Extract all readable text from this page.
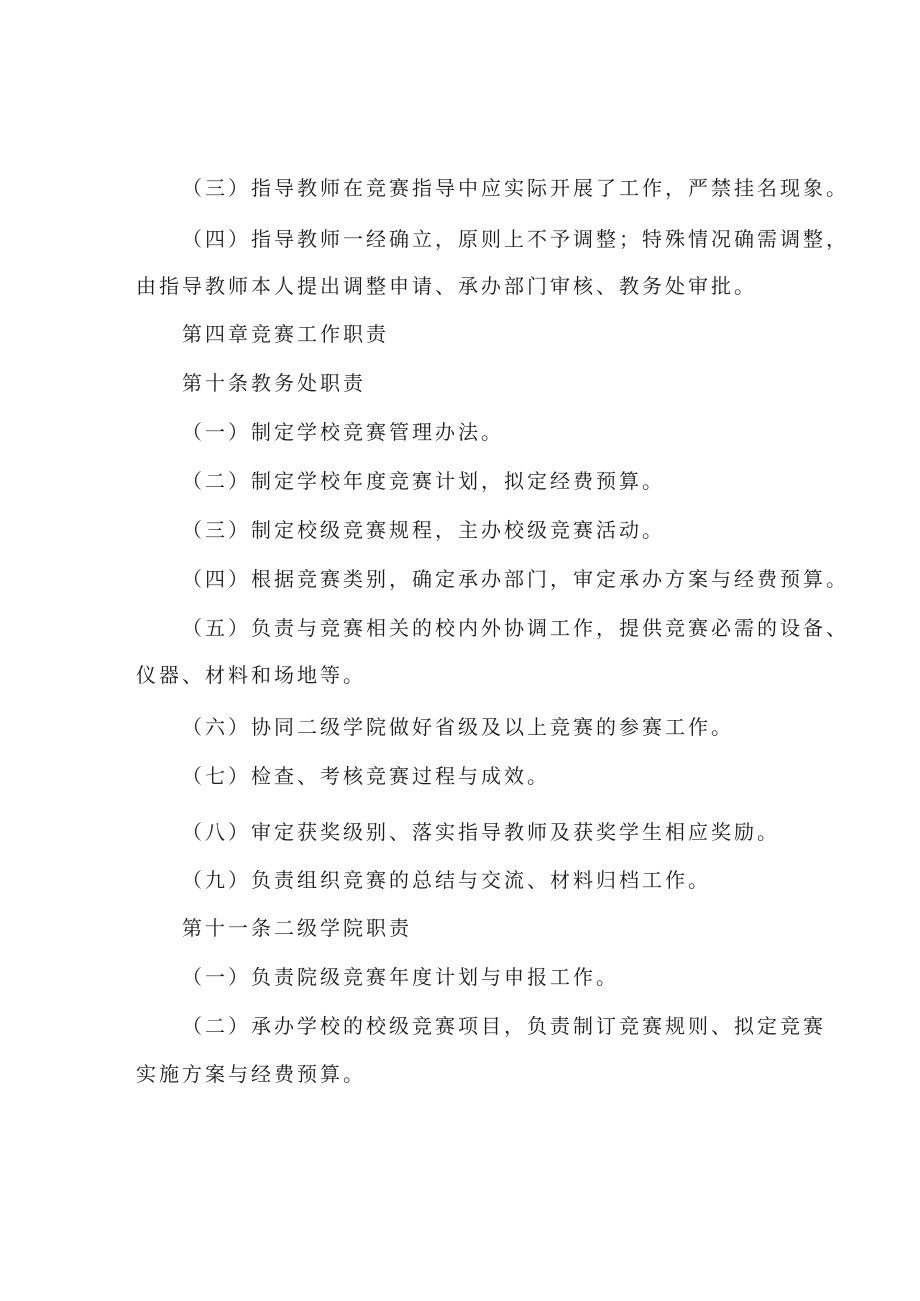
（三）指导教师在竞赛指导中应实际开展了工作，严禁挂名现象。
（四）指导教师一经确立，原则上不予调整；特殊情况确需调整，
由指导教师本人提出调整申请、承办部门审核、教务处审批。
第四章竞赛工作职责
第十条教务处职责
（一）制定学校竞赛管理办法。
（二）制定学校年度竞赛计划，拟定经费预算。
（三）制定校级竞赛规程，主办校级竞赛活动。
（四）根据竞赛类别，确定承办部门，审定承办方案与经费预算。
（五）负责与竞赛相关的校内外协调工作，提供竞赛必需的设备、
仪器、材料和场地等。
（六）协同二级学院做好省级及以上竞赛的参赛工作。
（七）检查、考核竞赛过程与成效。
（八）审定获奖级别、落实指导教师及获奖学生相应奖励。
（九）负责组织竞赛的总结与交流、材料归档工作。
第十一条二级学院职责
（一）负责院级竞赛年度计划与申报工作。
（二）承办学校的校级竞赛项目，负责制订竞赛规则、拟定竞赛
实施方案与经费预算。
